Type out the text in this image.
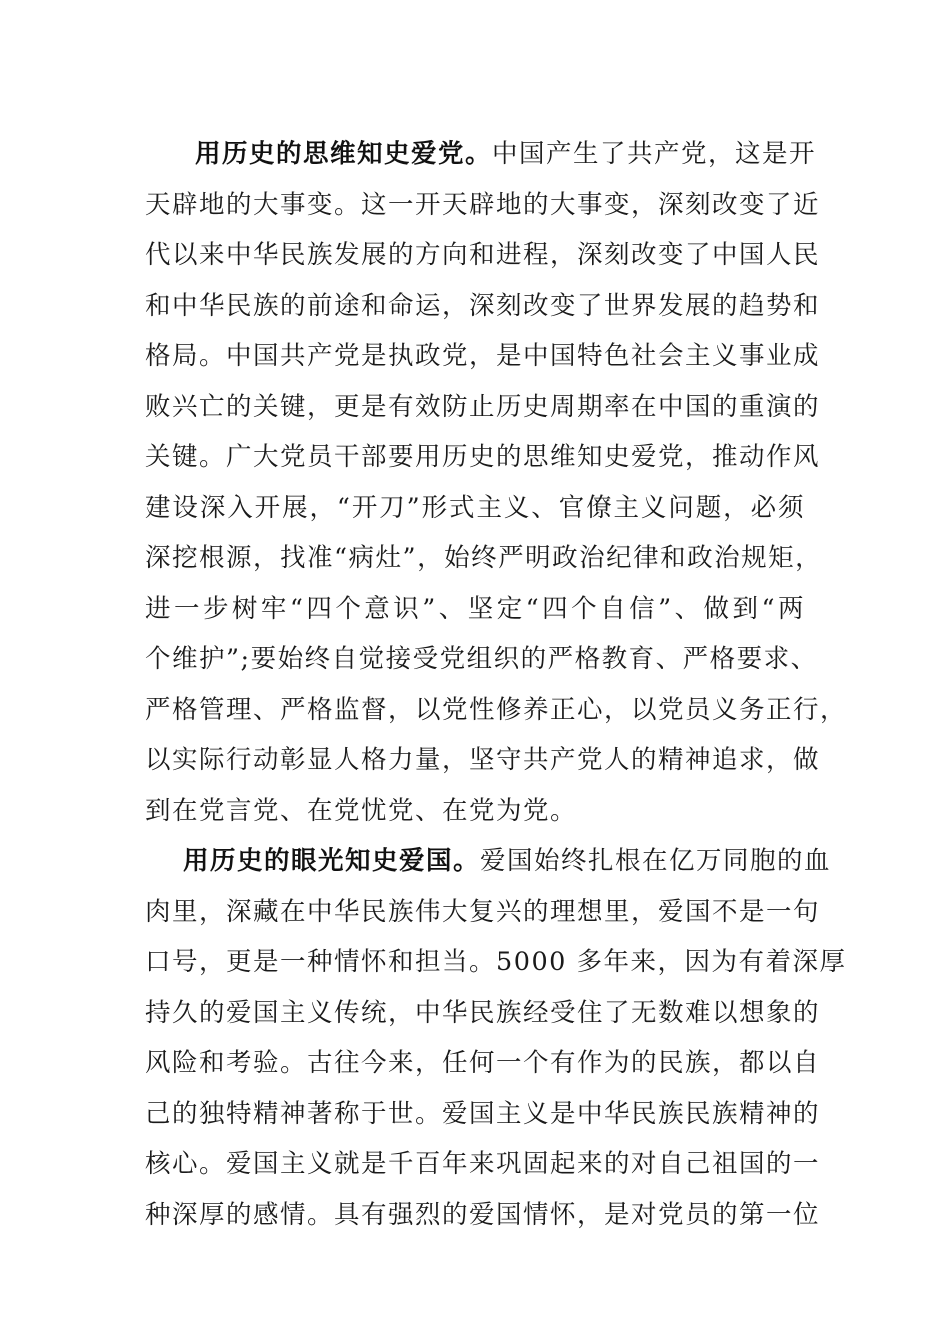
用历史的思维知史爱党。中国产生了共产党，这是开
天辟地的大事变。这一开天辟地的大事变，深刻改变了近
代以来中华民族发展的方向和进程，深刻改变了中国人民
和中华民族的前途和命运，深刻改变了世界发展的趋势和
格局。中国共产党是执政党，是中国特色社会主义事业成
败兴亡的关键，更是有效防止历史周期率在中国的重演的
关键。广大党员干部要用历史的思维知史爱党，推动作风
建设深入开展，“开刀”形式主义、官僚主义问题，必须
深挖根源，找准“病灶”，始终严明政治纪律和政治规矩，
进一步树牢“四个意识”、坚定“四个自信”、做到“两
个维护”;要始终自觉接受党组织的严格教育、严格要求、
严格管理、严格监督，以党性修养正心，以党员义务正行，
以实际行动彰显人格力量，坚守共产党人的精神追求，做
到在党言党、在党忧党、在党为党。
用历史的眼光知史爱国。爱国始终扎根在亿万同胞的血
肉里，深藏在中华民族伟大复兴的理想里，爱国不是一句
口号，更是一种情怀和担当。5000 多年来，因为有着深厚
持久的爱国主义传统，中华民族经受住了无数难以想象的
风险和考验。古往今来，任何一个有作为的民族，都以自
己的独特精神著称于世。爱国主义是中华民族民族精神的
核心。爱国主义就是千百年来巩固起来的对自己祖国的一
种深厚的感情。具有强烈的爱国情怀，是对党员的第一位
